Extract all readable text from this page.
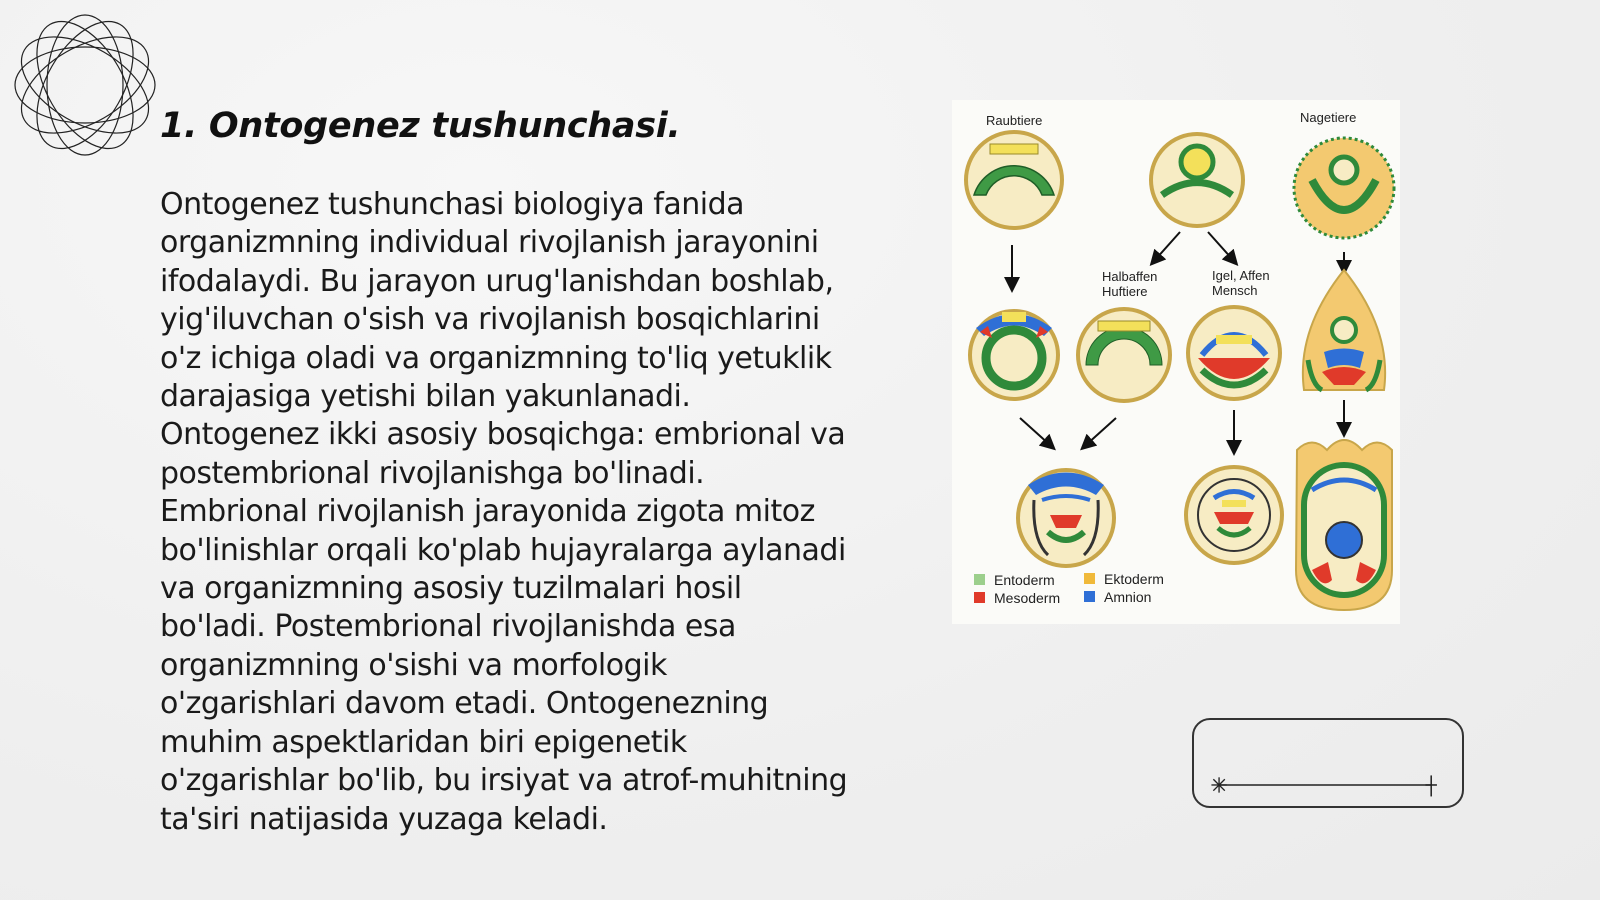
1. Ontogenez tushunchasi.

Ontogenez tushunchasi biologiya fanida organizmning individual rivojlanish jarayonini ifodalaydi. Bu jarayon urug'lanishdan boshlab, yig'iluvchan o'sish va rivojlanish bosqichlarini o'z ichiga oladi va organizmning to'liq yetuklik darajasiga yetishi bilan yakunlanadi. Ontogenez ikki asosiy bosqichga: embrional va postembrional rivojlanishga bo'linadi. Embrional rivojlanish jarayonida zigota mitoz bo'linishlar orqali ko'plab hujayralarga aylanadi va organizmning asosiy tuzilmalari hosil bo'ladi. Postembrional rivojlanishda esa organizmning o'sishi va morfologik o'zgarishlari davom etadi. Ontogenezning muhim aspektlaridan biri epigenetik o'zgarishlar bo'lib, bu irsiyat va atrof-muhitning ta'siri natijasida yuzaga keladi.

Raubtiere	Nagetiere
Halbaffen
Huftiere
Igel, Affen
Mensch
Entoderm	Ektoderm
Mesoderm	Amnion
